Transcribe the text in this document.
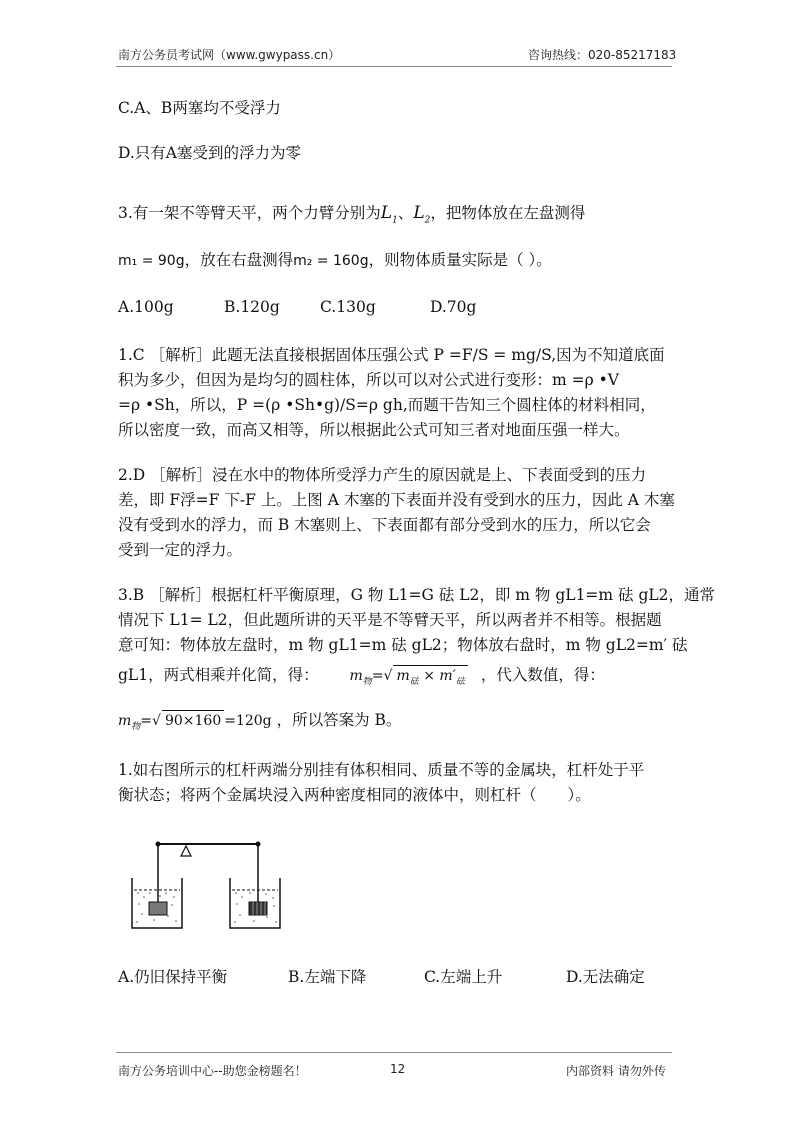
南方公务员考试网（www.gwypass.cn）	咨询热线：020-85217183
C.A、B两塞均不受浮力
D.只有A塞受到的浮力为零
3.有一架不等臂天平，两个力臂分别为$L_1$、$L_2$，把物体放在左盘测得
m₁ = 90g，放在右盘测得m₂ = 160g，则物体质量实际是（ ）。
A.100g	B.120g	C.130g	D.70g
1.C ［解析］此题无法直接根据固体压强公式 P =F/S = mg/S,因为不知道底面
积为多少，但因为是均匀的圆柱体，所以可以对公式进行变形：m =ρ •V
=ρ •Sh，所以，P =(ρ •Sh•g)/S=ρ gh,而题干告知三个圆柱体的材料相同，
所以密度一致，而高又相等，所以根据此公式可知三者对地面压强一样大。
2.D ［解析］浸在水中的物体所受浮力产生的原因就是上、下表面受到的压力
差，即 F浮=F 下-F 上。上图 A 木塞的下表面并没有受到水的压力，因此 A 木塞
没有受到水的浮力，而 B 木塞则上、下表面都有部分受到水的压力，所以它会
受到一定的浮力。
3.B ［解析］根据杠杆平衡原理，G 物 L1=G 砝 L2，即 m 物 gL1=m 砝 gL2，通常
情况下 L1= L2，但此题所讲的天平是不等臂天平，所以两者并不相等。根据题
意可知：物体放左盘时，m 物 gL1=m 砝 gL2；物体放右盘时，m 物 gL2=m′ 砝
gL1，两式相乘并化简，得： $m_物=√$ $m_砝 \times m'_砝$ ，代入数值，得：
$m_物=√$ 90×160 =120g ，所以答案为 B。
1.如右图所示的杠杆两端分别挂有体积相同、质量不等的金属块，杠杆处于平
衡状态；将两个金属块浸入两种密度相同的液体中，则杠杆（　　）。
A.仍旧保持平衡	B.左端下降	C.左端上升	D.无法确定
南方公务培训中心--助您金榜题名！	12	内部资料 请勿外传
